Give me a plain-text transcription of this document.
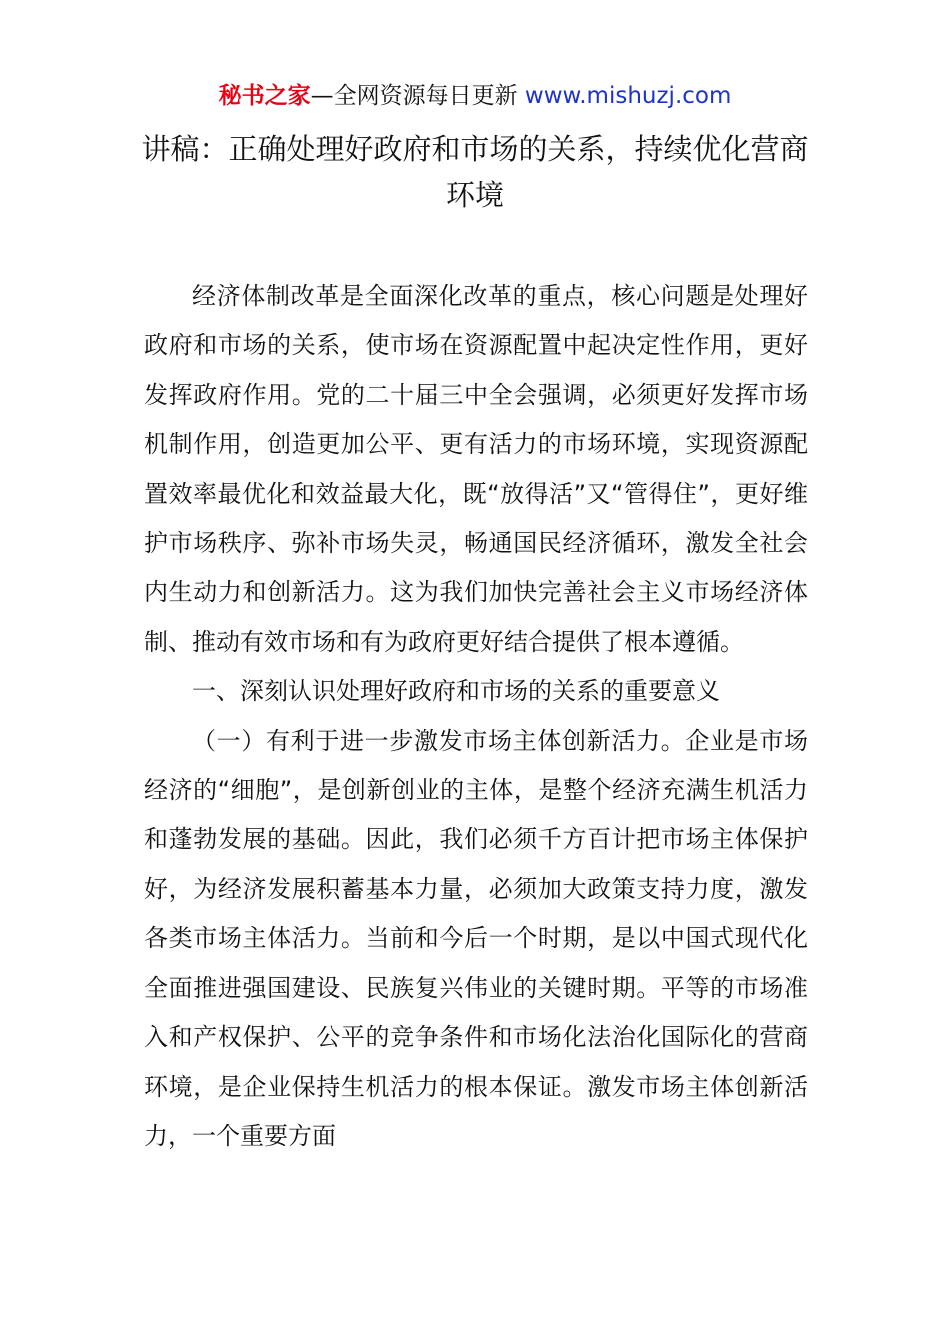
秘书之家—全网资源每日更新 www.mishuzj.com
讲稿：正确处理好政府和市场的关系，持续优化营商环境

经济体制改革是全面深化改革的重点，核心问题是处理好政府和市场的关系，使市场在资源配置中起决定性作用，更好发挥政府作用。党的二十届三中全会强调，必须更好发挥市场机制作用，创造更加公平、更有活力的市场环境，实现资源配置效率最优化和效益最大化，既“放得活”又“管得住”，更好维护市场秩序、弥补市场失灵，畅通国民经济循环，激发全社会内生动力和创新活力。这为我们加快完善社会主义市场经济体制、推动有效市场和有为政府更好结合提供了根本遵循。

一、深刻认识处理好政府和市场的关系的重要意义

（一）有利于进一步激发市场主体创新活力。企业是市场经济的“细胞”，是创新创业的主体，是整个经济充满生机活力和蓬勃发展的基础。因此，我们必须千方百计把市场主体保护好，为经济发展积蓄基本力量，必须加大政策支持力度，激发各类市场主体活力。当前和今后一个时期，是以中国式现代化全面推进强国建设、民族复兴伟业的关键时期。平等的市场准入和产权保护、公平的竞争条件和市场化法治化国际化的营商环境，是企业保持生机活力的根本保证。激发市场主体创新活力，一个重要方面
